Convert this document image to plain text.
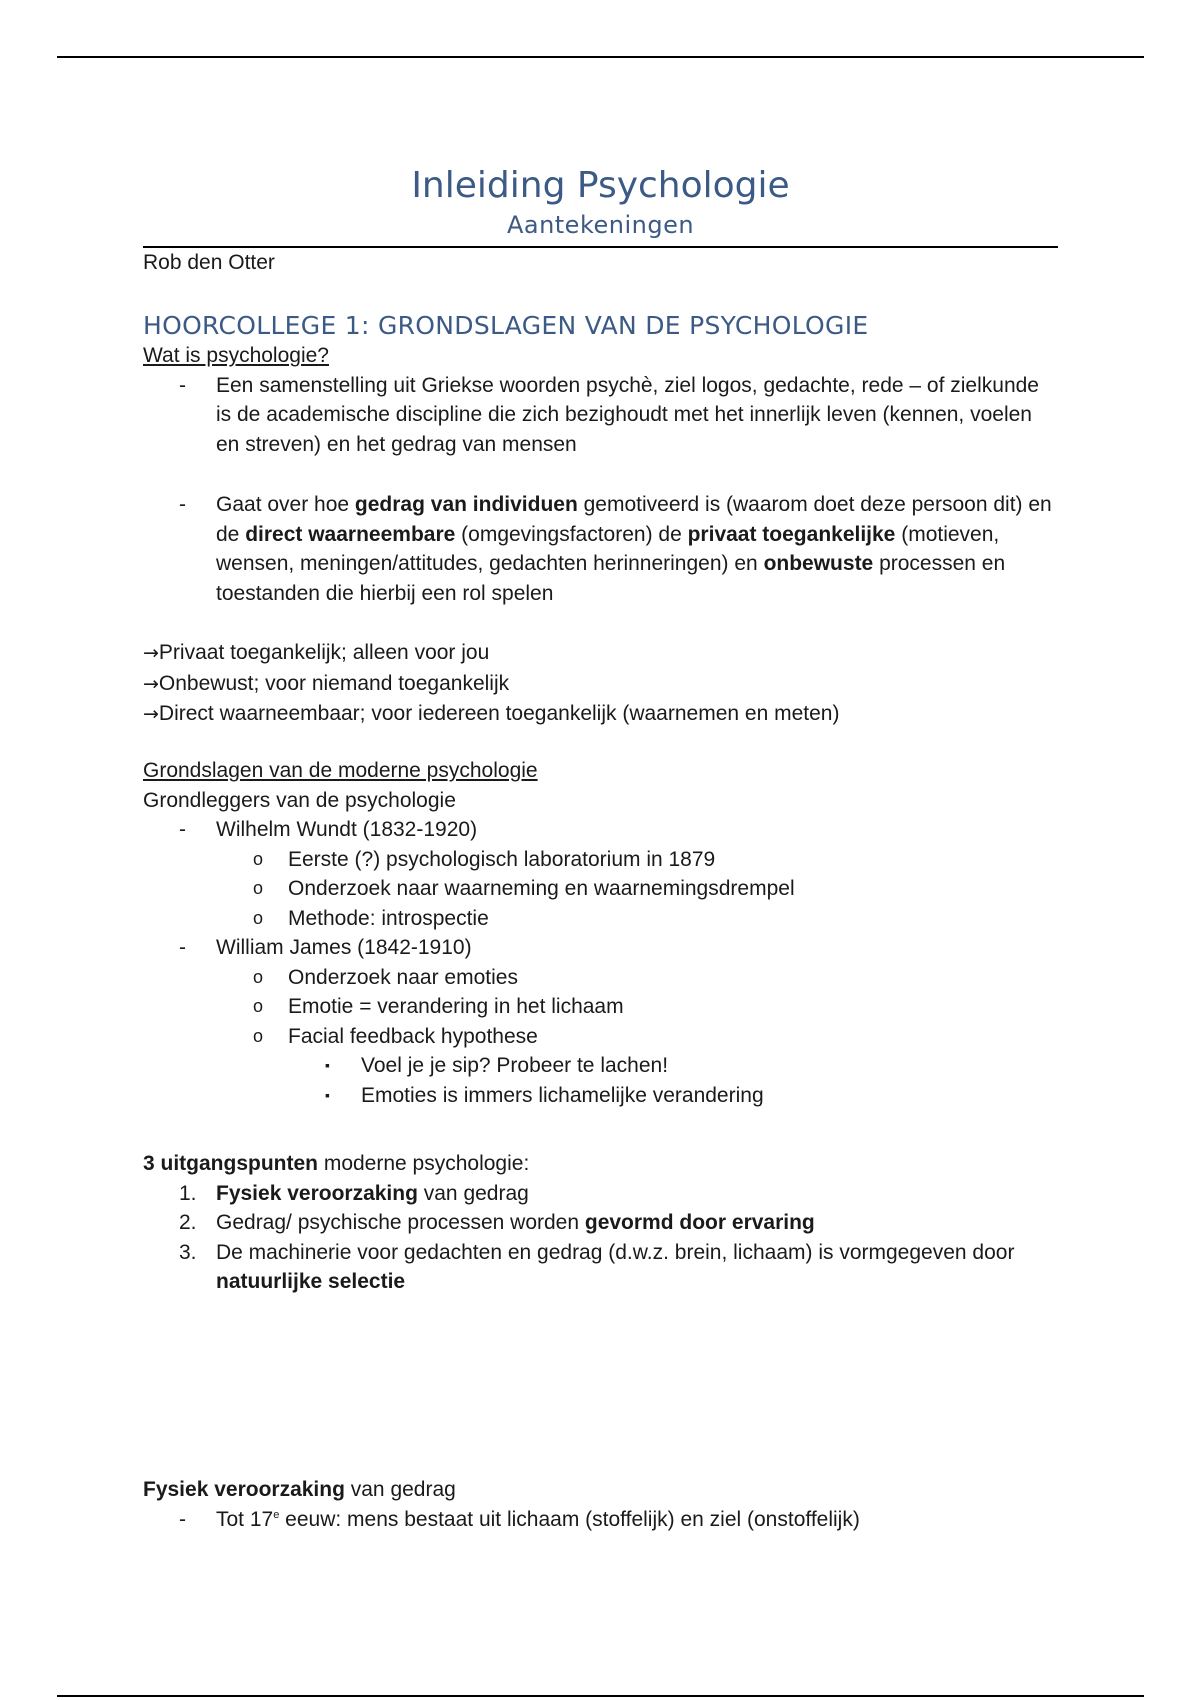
Inleiding Psychologie
Aantekeningen
Rob den Otter
HOORCOLLEGE 1: GRONDSLAGEN VAN DE PSYCHOLOGIE
Wat is psychologie?
- Een samenstelling uit Griekse woorden psychè, ziel logos, gedachte, rede – of zielkunde is de academische discipline die zich bezighoudt met het innerlijk leven (kennen, voelen en streven) en het gedrag van mensen
- Gaat over hoe gedrag van individuen gemotiveerd is (waarom doet deze persoon dit) en de direct waarneembare (omgevingsfactoren) de privaat toegankelijke (motieven, wensen, meningen/attitudes, gedachten herinneringen) en onbewuste processen en toestanden die hierbij een rol spelen
→Privaat toegankelijk; alleen voor jou
→Onbewust; voor niemand toegankelijk
→Direct waarneembaar; voor iedereen toegankelijk (waarnemen en meten)
Grondslagen van de moderne psychologie
Grondleggers van de psychologie
- Wilhelm Wundt (1832-1920)
o Eerste (?) psychologisch laboratorium in 1879
o Onderzoek naar waarneming en waarnemingsdrempel
o Methode: introspectie
- William James (1842-1910)
o Onderzoek naar emoties
o Emotie = verandering in het lichaam
o Facial feedback hypothese
▪ Voel je je sip? Probeer te lachen!
▪ Emoties is immers lichamelijke verandering
3 uitgangspunten moderne psychologie:
1. Fysiek veroorzaking van gedrag
2. Gedrag/ psychische processen worden gevormd door ervaring
3. De machinerie voor gedachten en gedrag (d.w.z. brein, lichaam) is vormgegeven door natuurlijke selectie
Fysiek veroorzaking van gedrag
- Tot 17e eeuw: mens bestaat uit lichaam (stoffelijk) en ziel (onstoffelijk)
